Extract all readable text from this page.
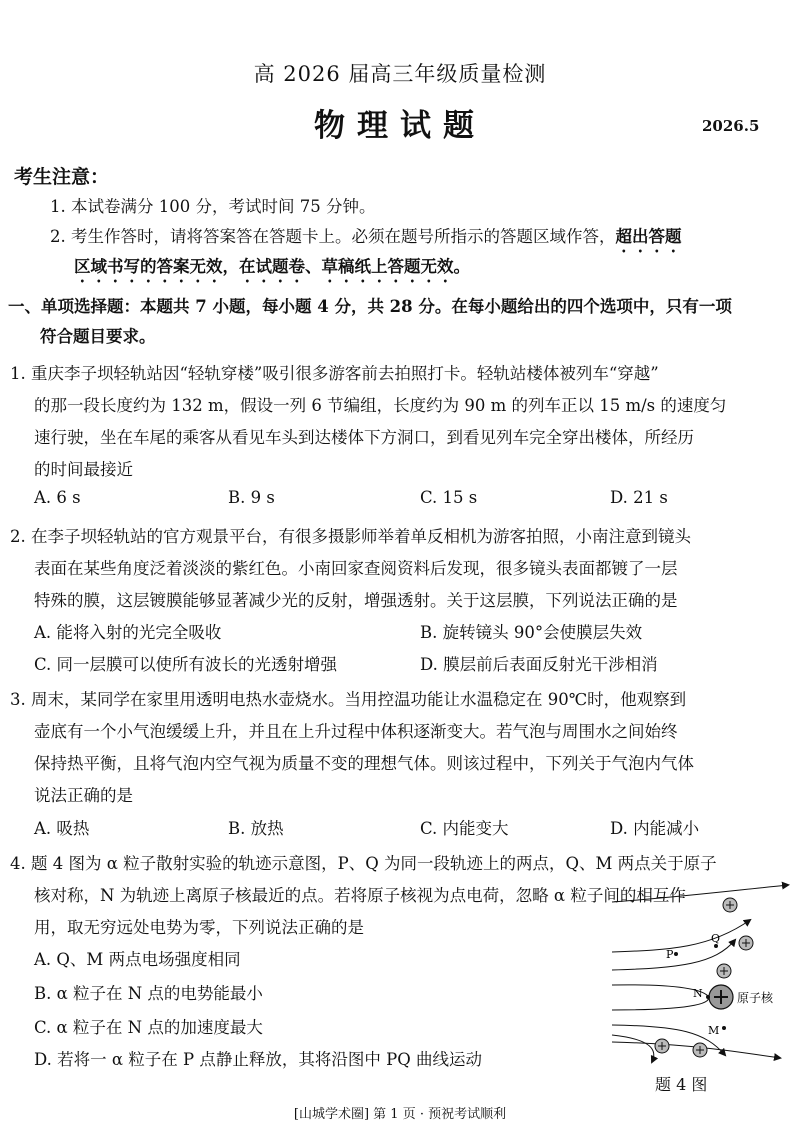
高 2026 届高三年级质量检测
物理试题	2026.5
考生注意：
1. 本试卷满分 100 分，考试时间 75 分钟。
2. 考生作答时，请将答案答在答题卡上。必须在题号所指示的答题区域作答，超出答题
区域书写的答案无效，在试题卷、草稿纸上答题无效。
一、单项选择题：本题共 7 小题，每小题 4 分，共 28 分。在每小题给出的四个选项中，只有一项
符合题目要求。
1. 重庆李子坝轻轨站因“轻轨穿楼”吸引很多游客前去拍照打卡。轻轨站楼体被列车“穿越”
的那一段长度约为 132 m，假设一列 6 节编组，长度约为 90 m 的列车正以 15 m/s 的速度匀
速行驶，坐在车尾的乘客从看见车头到达楼体下方洞口，到看见列车完全穿出楼体，所经历
的时间最接近
A. 6 s	B. 9 s	C. 15 s	D. 21 s
2. 在李子坝轻轨站的官方观景平台，有很多摄影师举着单反相机为游客拍照，小南注意到镜头
表面在某些角度泛着淡淡的紫红色。小南回家查阅资料后发现，很多镜头表面都镀了一层
特殊的膜，这层镀膜能够显著减少光的反射，增强透射。关于这层膜，下列说法正确的是
A. 能将入射的光完全吸收	B. 旋转镜头 90°会使膜层失效
C. 同一层膜可以使所有波长的光透射增强	D. 膜层前后表面反射光干涉相消
3. 周末，某同学在家里用透明电热水壶烧水。当用控温功能让水温稳定在 90℃时，他观察到
壶底有一个小气泡缓缓上升，并且在上升过程中体积逐渐变大。若气泡与周围水之间始终
保持热平衡，且将气泡内空气视为质量不变的理想气体。则该过程中，下列关于气泡内气体
说法正确的是
A. 吸热	B. 放热	C. 内能变大	D. 内能减小
4. 题 4 图为 α 粒子散射实验的轨迹示意图，P、Q 为同一段轨迹上的两点，Q、M 两点关于原子
核对称，N 为轨迹上离原子核最近的点。若将原子核视为点电荷，忽略 α 粒子间的相互作
用，取无穷远处电势为零，下列说法正确的是
A. Q、M 两点电场强度相同
B. α 粒子在 N 点的电势能最小
C. α 粒子在 N 点的加速度最大
D. 若将一 α 粒子在 P 点静止释放，其将沿图中 PQ 曲线运动
P
Q
N
M
原子核
题 4 图
[山城学术圈] 第 1 页 · 预祝考试顺利
